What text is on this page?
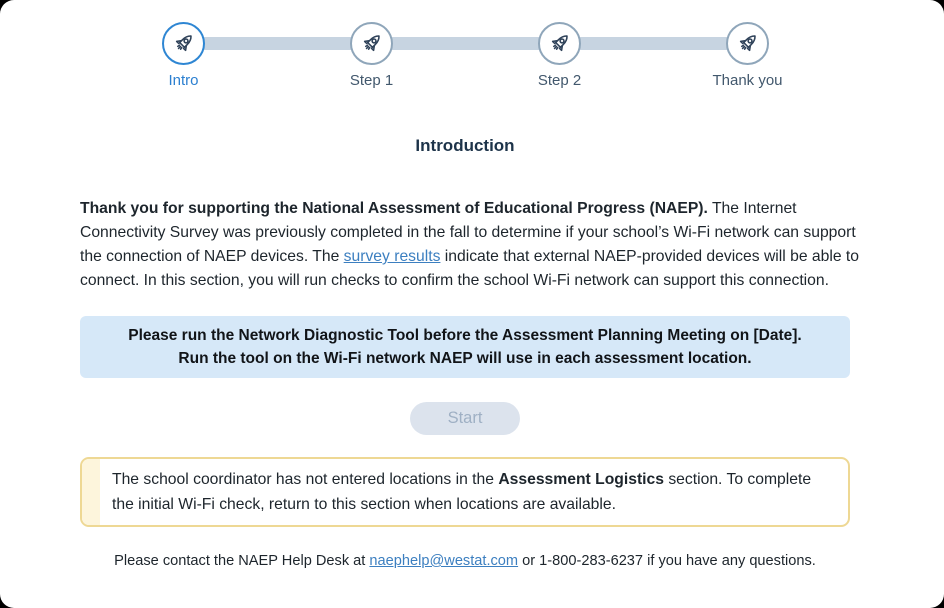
Intro	Step 1	Step 2	Thank you
Introduction

Thank you for supporting the National Assessment of Educational Progress (NAEP). The Internet Connectivity Survey was previously completed in the fall to determine if your school’s Wi-Fi network can support the connection of NAEP devices. The survey results indicate that external NAEP-provided devices will be able to connect. In this section, you will run checks to confirm the school Wi-Fi network can support this connection.

Please run the Network Diagnostic Tool before the Assessment Planning Meeting on [Date].
Run the tool on the Wi-Fi network NAEP will use in each assessment location.
Start
The school coordinator has not entered locations in the Assessment Logistics section. To complete the initial Wi-Fi check, return to this section when locations are available.
Please contact the NAEP Help Desk at naephelp@westat.com or 1-800-283-6237 if you have any questions.
